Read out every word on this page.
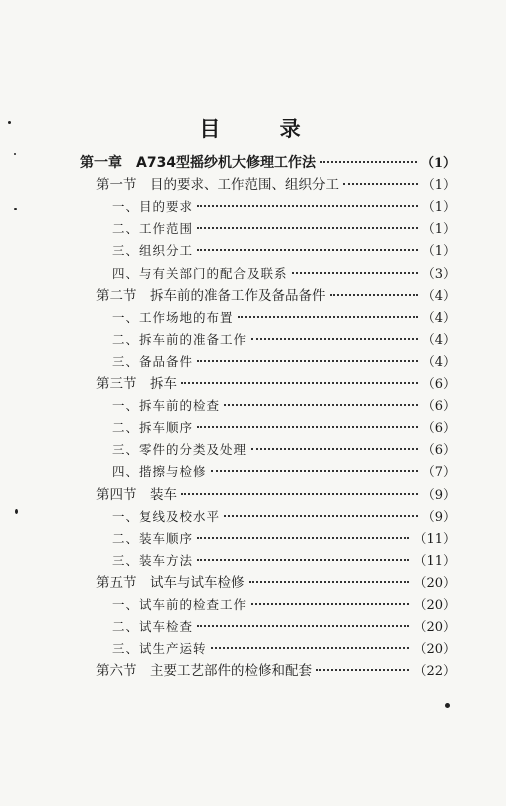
目 录
第一章　A734型摇纱机大修理工作法	（1）
第一节　目的要求、工作范围、组织分工	（1）
一、目的要求	（1）
二、工作范围	（1）
三、组织分工	（1）
四、与有关部门的配合及联系	（3）
第二节　拆车前的准备工作及备品备件	（4）
一、工作场地的布置	（4）
二、拆车前的准备工作	（4）
三、备品备件	（4）
第三节　拆车	（6）
一、拆车前的检查	（6）
二、拆车顺序	（6）
三、零件的分类及处理	（6）
四、揩擦与检修	（7）
第四节　装车	（9）
一、复线及校水平	（9）
二、装车顺序	（11）
三、装车方法	（11）
第五节　试车与试车检修	（20）
一、试车前的检查工作	（20）
二、试车检查	（20）
三、试生产运转	（20）
第六节　主要工艺部件的检修和配套	（22）
